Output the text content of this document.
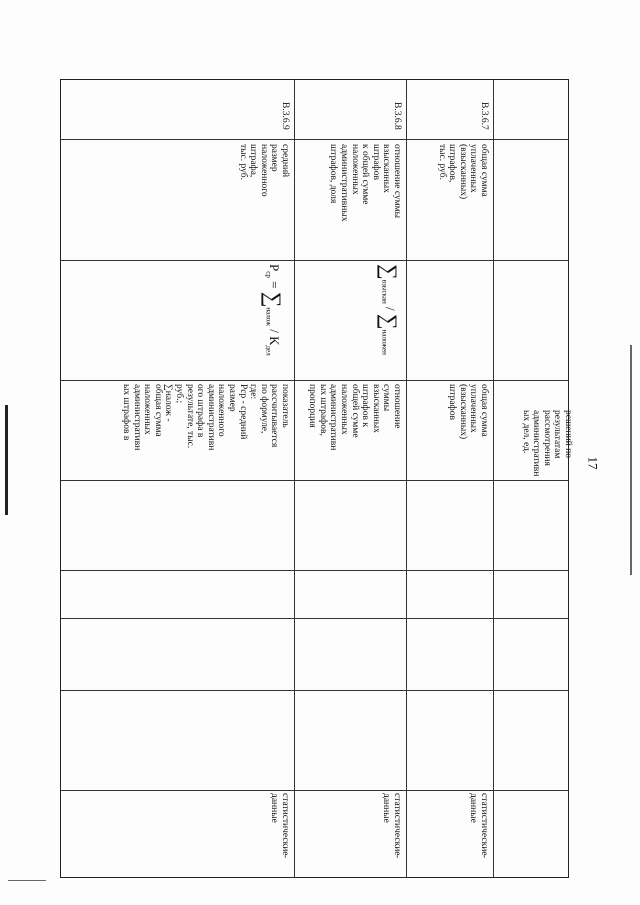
17
решений по
результатам
рассмотрения
административн
ых дел, ед.
В.3.6.7
общая сумма
уплаченных
(взысканных)
штрафов, тыс. руб.
общая сумма
уплаченных
(взысканных)
штрафов
статистические
данные
-
В.3.6.8
отношение суммы
взысканных штрафов
к общей сумме
наложенных
административных
штрафов, доля
$\sum_{взыскан} / \sum_{наложен}$
отношение
суммы
взысканных
штрафов к
общей сумме
наложенных
административн
ых штрафов,
пропорция
статистические
данные
-
В.3.6.9
средний размер
наложенного штрафа,
тыс. руб.
$P_{ср} = \sum_{налож} / K_{дел}$
показатель
рассчитывается
по формуле, где:
Pср - средний
размер
наложенного
административн
ого штрафа в
результате, тыс.
руб.;
∑налож -
общая сумма
наложенных
административн
ых штрафов в
статистические
данные
-
